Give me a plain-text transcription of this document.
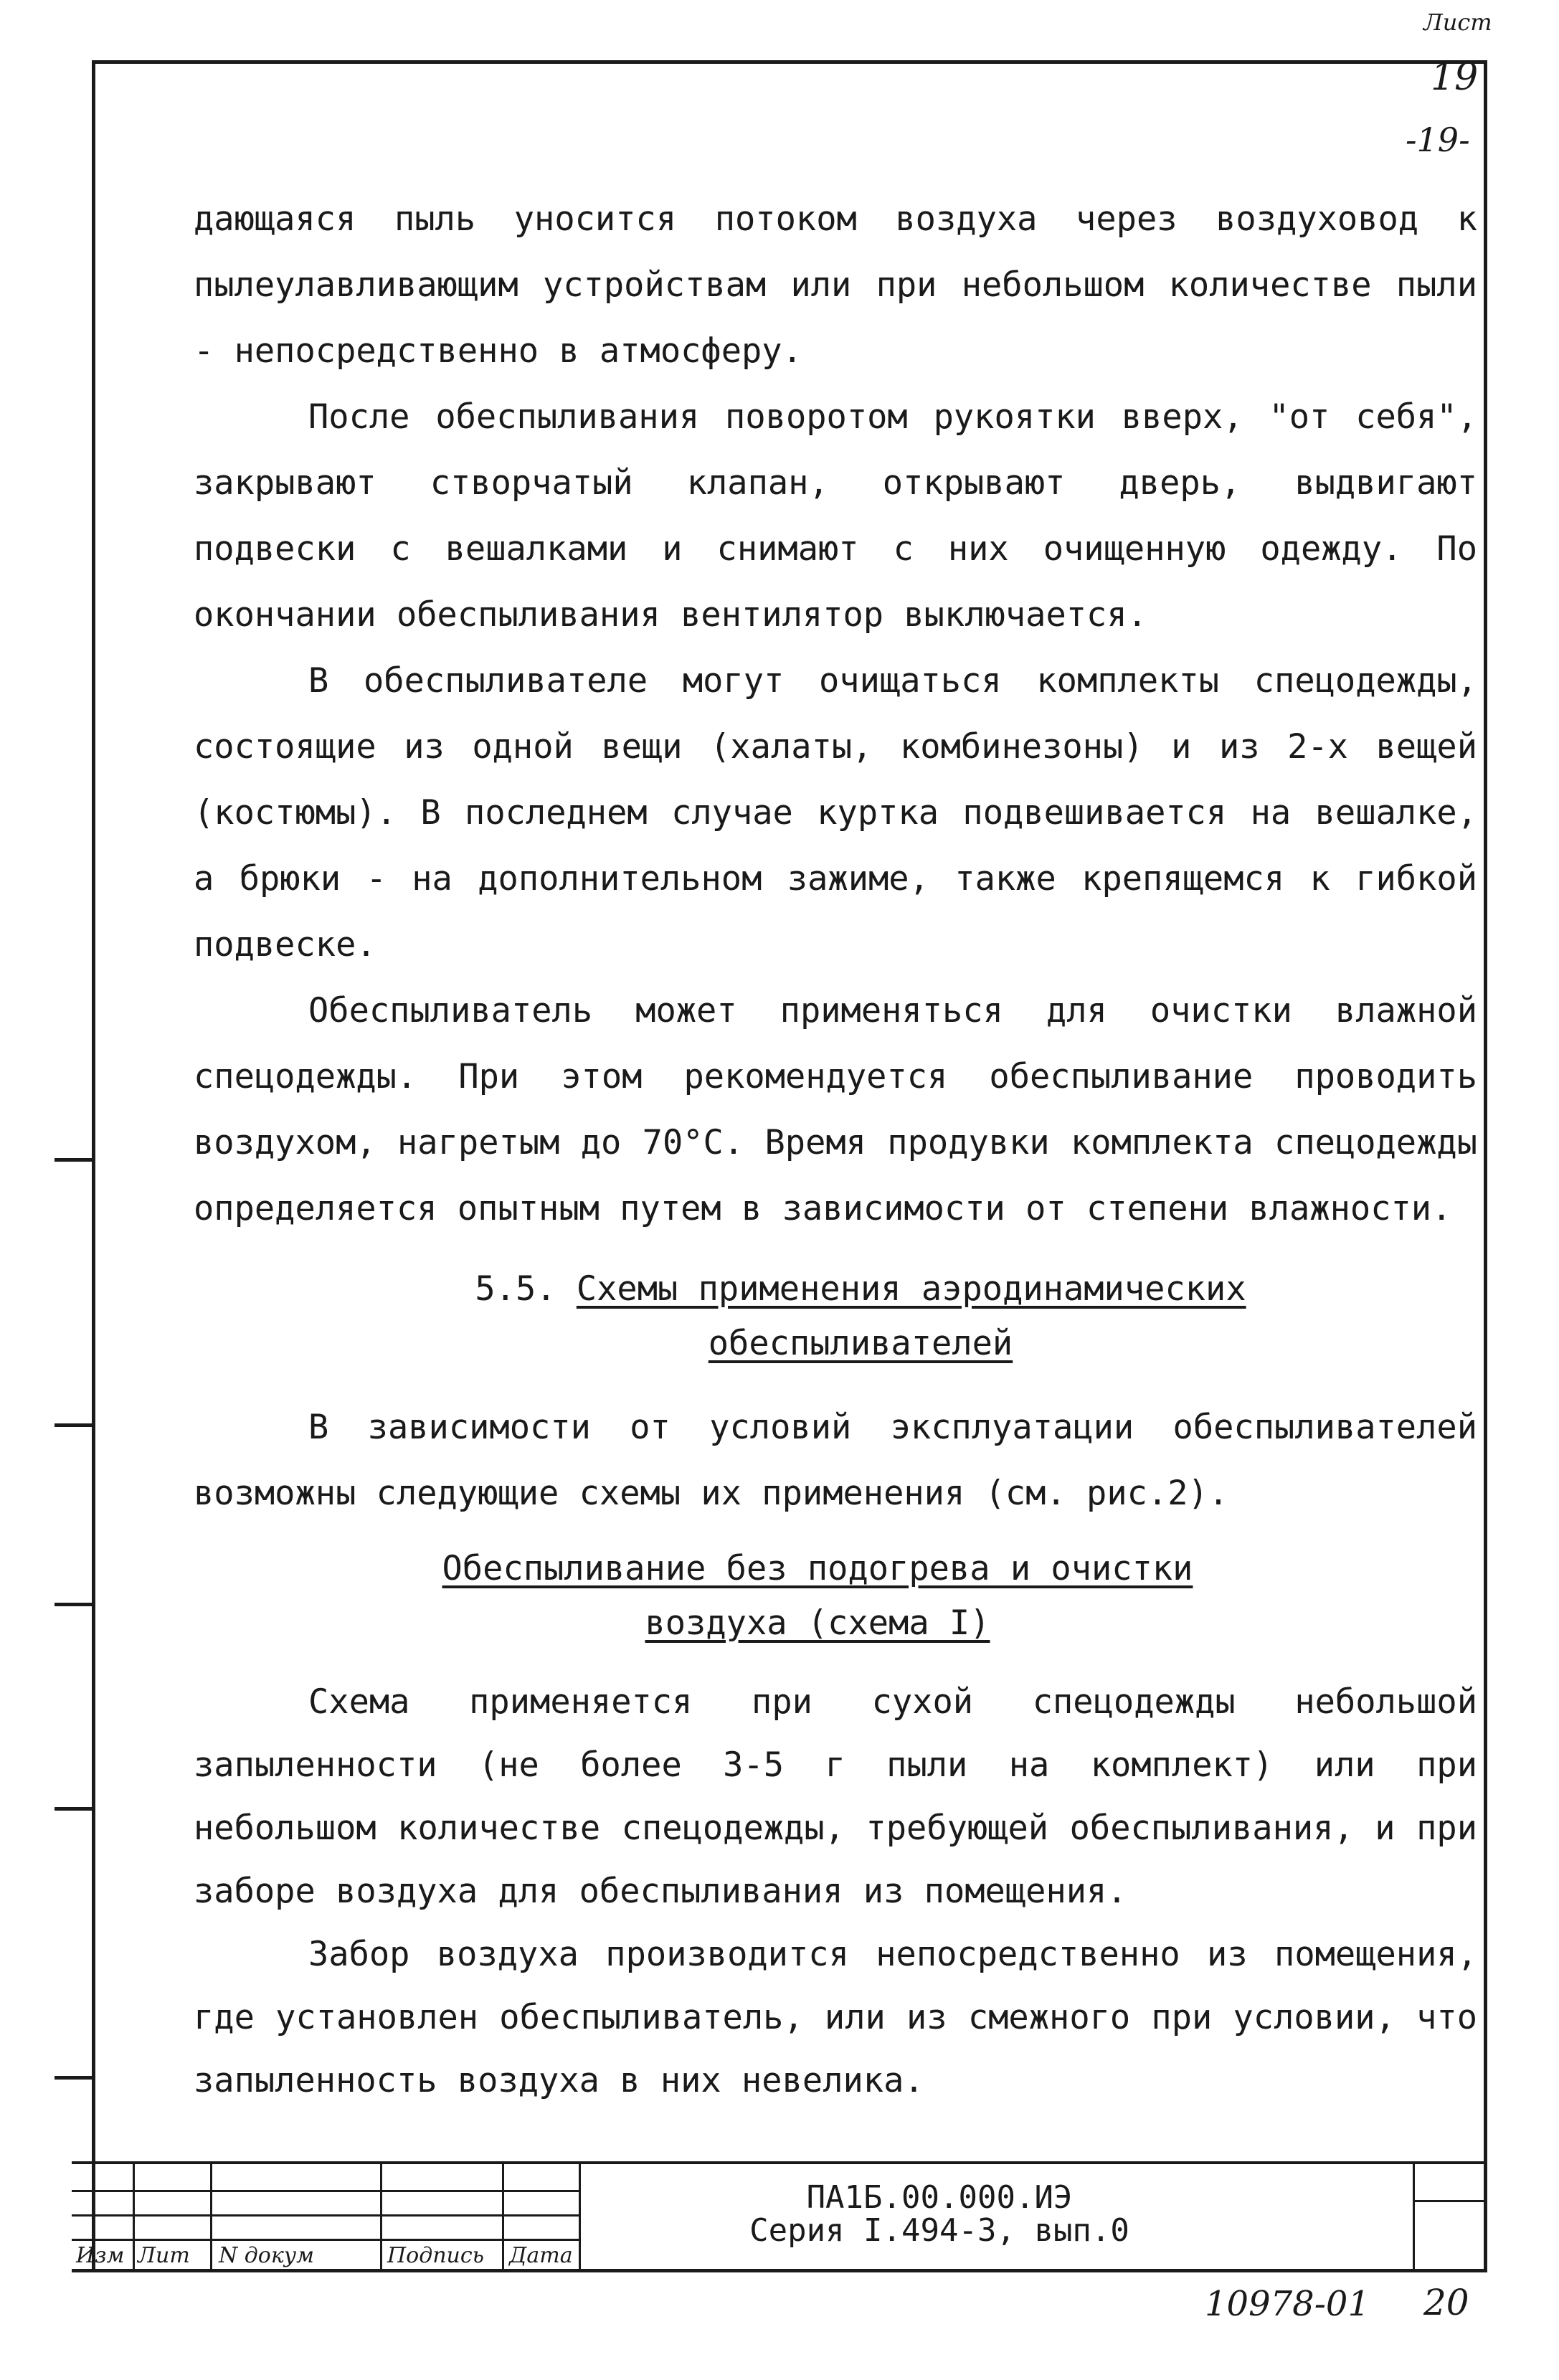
-19-

дающаяся пыль уносится потоком воздуха через воздуховод к пылеулавливающим устройствам или при небольшом количестве пыли - непосредственно в атмосферу.

После обеспыливания поворотом рукоятки вверх, "от себя", закрывают створчатый клапан, открывают дверь, выдвигают подвески с вешалками и снимают с них очищенную одежду. По окончании обеспыливания вентилятор выключается.

В обеспыливателе могут очищаться комплекты спецодежды, состоящие из одной вещи (халаты, комбинезоны) и из 2-х вещей (костюмы). В последнем случае куртка подвешивается на вешалке, а брюки - на дополнительном зажиме, также крепящемся к гибкой подвеске.

Обеспыливатель может применяться для очистки влажной спецодежды. При этом рекомендуется обеспыливание проводить воздухом, нагретым до 70°С. Время продувки комплекта спецодежды определяется опытным путем в зависимости от степени влажности.

5.5. Схемы применения аэродинамических
обеспыливателей

В зависимости от условий эксплуатации обеспыливателей возможны следующие схемы их применения (см. рис.2).

Обеспыливание без подогрева и очистки
воздуха (схема I)

Схема применяется при сухой спецодежды небольшой запыленности (не более 3-5 г пыли на комплект) или при небольшом количестве спецодежды, требующей обеспыливания, и при заборе воздуха для обеспыливания из помещения.

Забор воздуха производится непосредственно из помещения, где установлен обеспыливатель, или из смежного при условии, что запыленность воздуха в них невелика.

Изм Лит N докум	Подпись Дата
ПА1Б.00.000.ИЭ
Серия I.494-3, вып.0
Лист
19
10978-01 20
